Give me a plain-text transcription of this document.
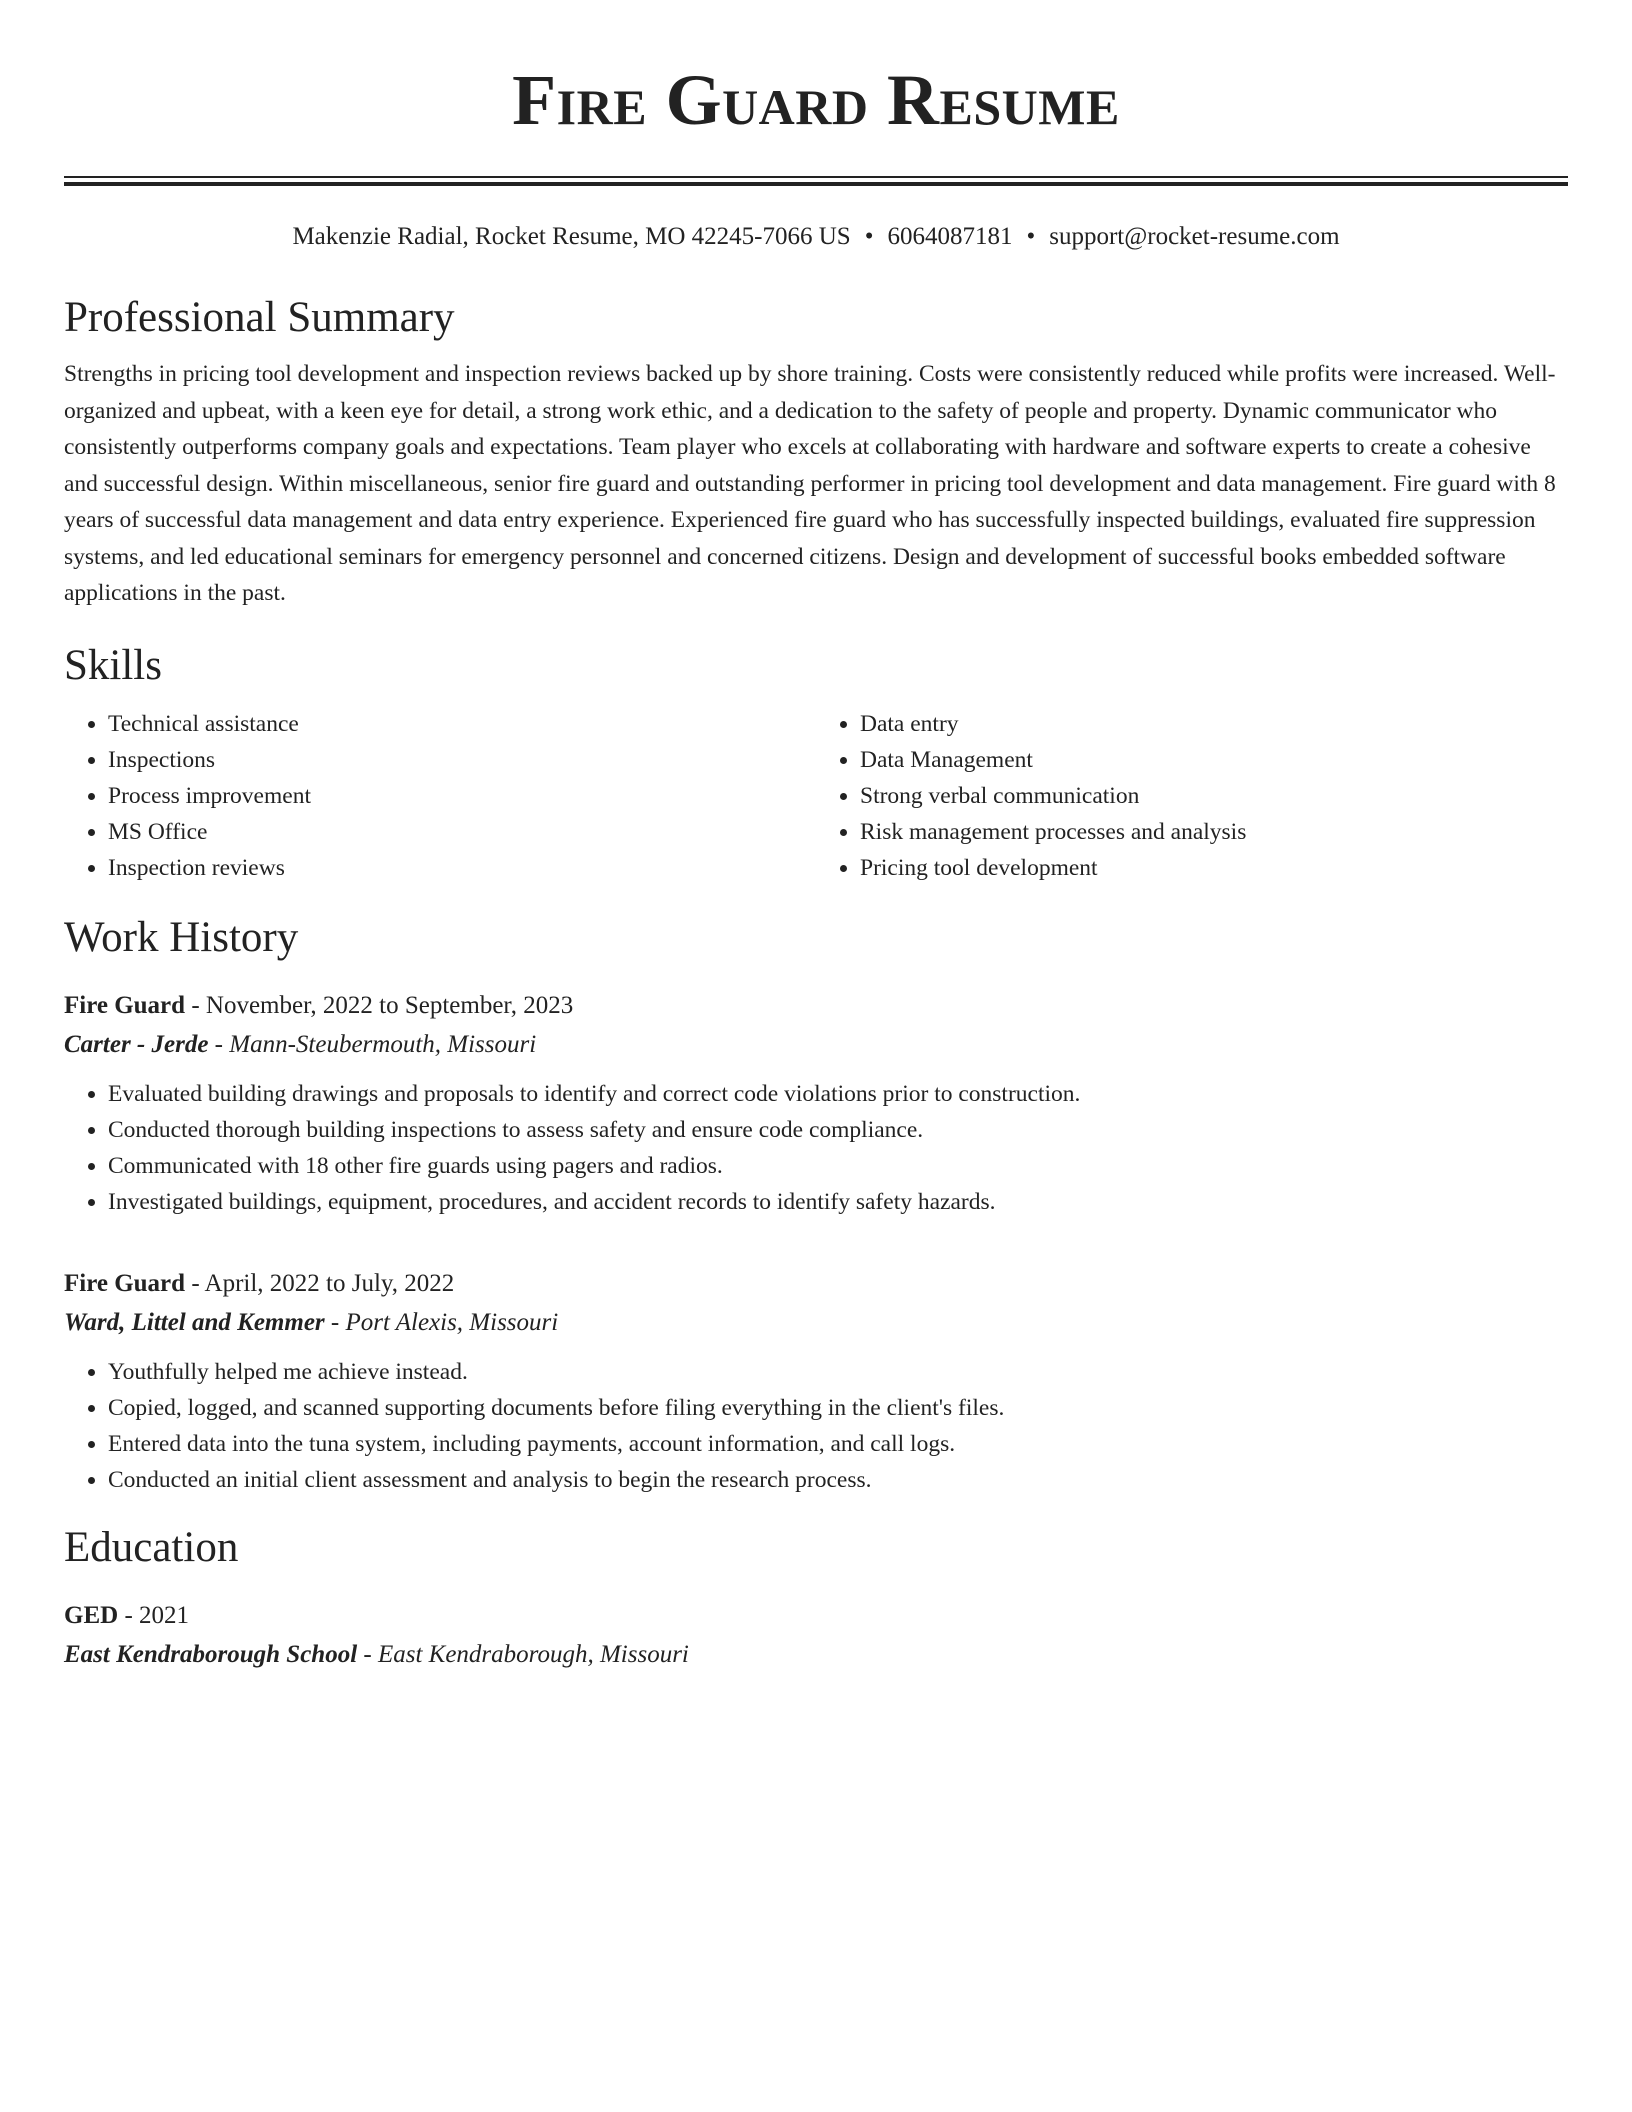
Fire Guard Resume
Makenzie Radial, Rocket Resume, MO 42245-7066 US • 6064087181 • support@rocket-resume.com
Professional Summary

Strengths in pricing tool development and inspection reviews backed up by shore training. Costs were consistently reduced while profits were increased. Well-organized and upbeat, with a keen eye for detail, a strong work ethic, and a dedication to the safety of people and property. Dynamic communicator who consistently outperforms company goals and expectations. Team player who excels at collaborating with hardware and software experts to create a cohesive and successful design. Within miscellaneous, senior fire guard and outstanding performer in pricing tool development and data management. Fire guard with 8 years of successful data management and data entry experience. Experienced fire guard who has successfully inspected buildings, evaluated fire suppression systems, and led educational seminars for emergency personnel and concerned citizens. Design and development of successful books embedded software applications in the past.

Skills
• Technical assistance
• Inspections
• Process improvement
• MS Office
• Inspection reviews
• Data entry
• Data Management
• Strong verbal communication
• Risk management processes and analysis
• Pricing tool development
Work History
Fire Guard - November, 2022 to September, 2023
Carter - Jerde - Mann-Steubermouth, Missouri
• Evaluated building drawings and proposals to identify and correct code violations prior to construction.
• Conducted thorough building inspections to assess safety and ensure code compliance.
• Communicated with 18 other fire guards using pagers and radios.
• Investigated buildings, equipment, procedures, and accident records to identify safety hazards.
Fire Guard - April, 2022 to July, 2022
Ward, Littel and Kemmer - Port Alexis, Missouri
• Youthfully helped me achieve instead.
• Copied, logged, and scanned supporting documents before filing everything in the client's files.
• Entered data into the tuna system, including payments, account information, and call logs.
• Conducted an initial client assessment and analysis to begin the research process.
Education
GED - 2021
East Kendraborough School - East Kendraborough, Missouri
